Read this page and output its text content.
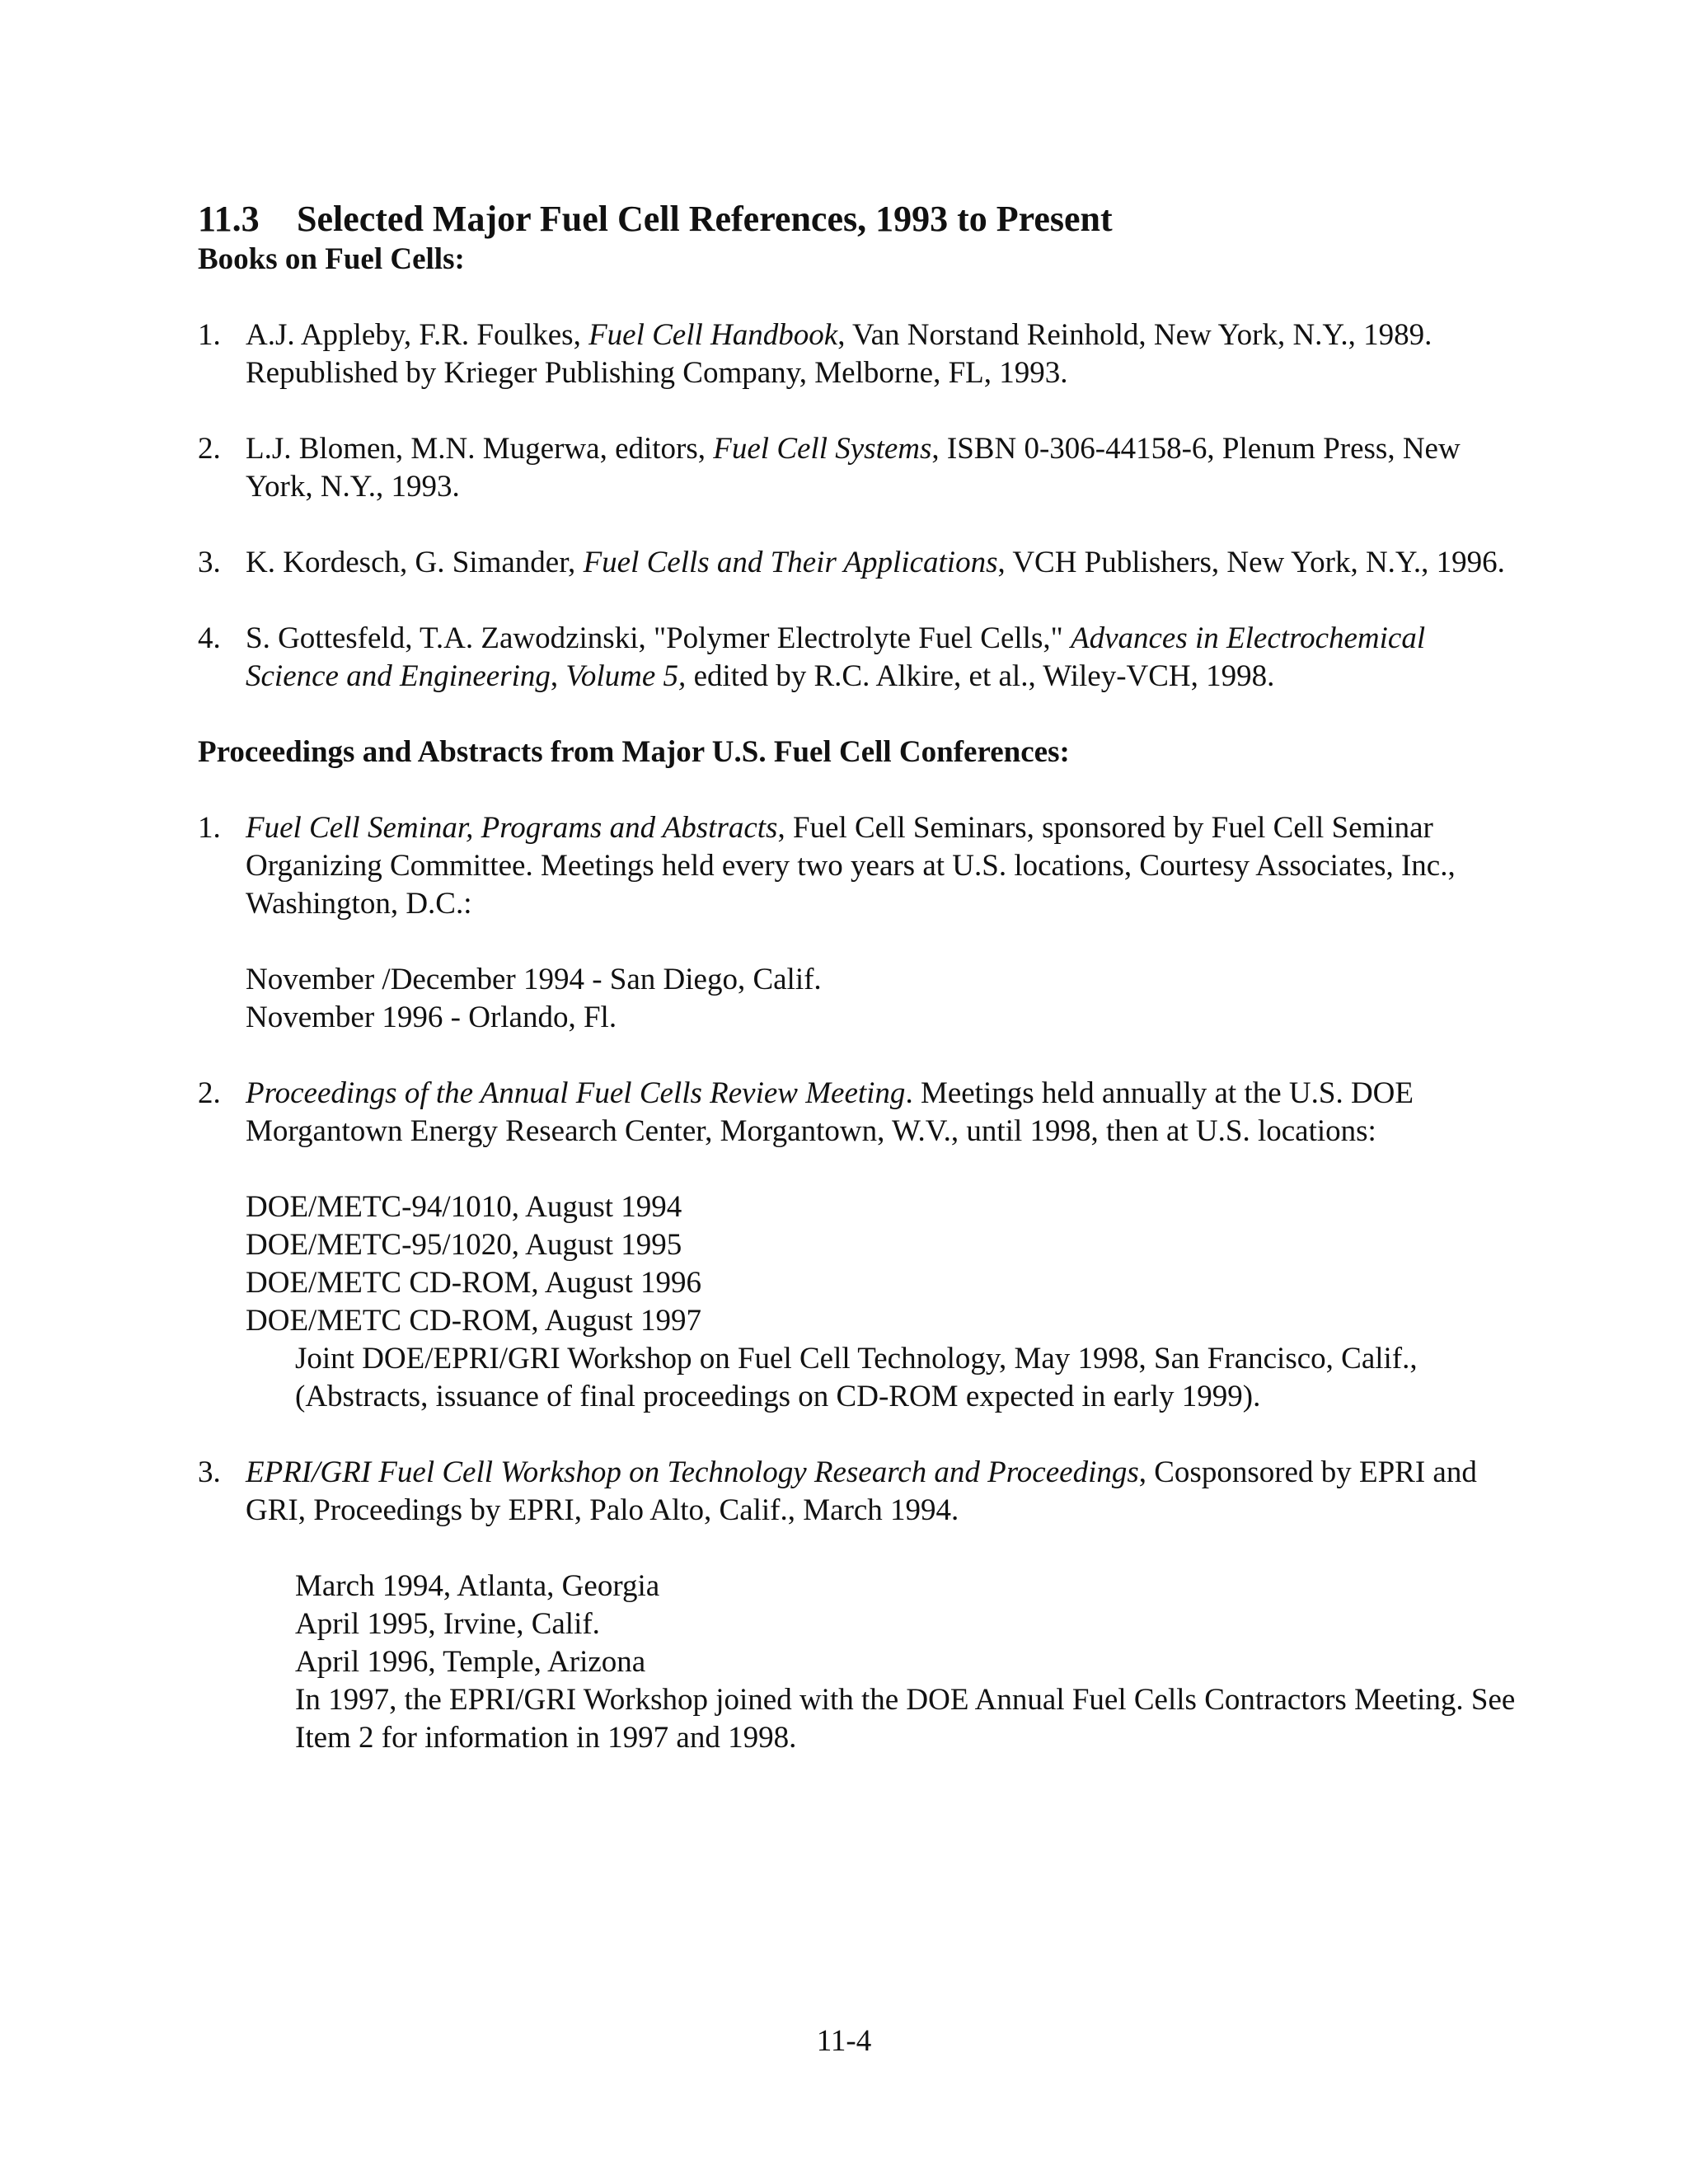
11.3 Selected Major Fuel Cell References, 1993 to Present
Books on Fuel Cells:
1. A.J. Appleby, F.R. Foulkes, Fuel Cell Handbook, Van Norstand Reinhold, New York, N.Y., 1989. Republished by Krieger Publishing Company, Melborne, FL, 1993.
2. L.J. Blomen, M.N. Mugerwa, editors, Fuel Cell Systems, ISBN 0-306-44158-6, Plenum Press, New York, N.Y., 1993.
3. K. Kordesch, G. Simander, Fuel Cells and Their Applications, VCH Publishers, New York, N.Y., 1996.
4. S. Gottesfeld, T.A. Zawodzinski, "Polymer Electrolyte Fuel Cells," Advances in Electrochemical Science and Engineering, Volume 5, edited by R.C. Alkire, et al., Wiley-VCH, 1998.
Proceedings and Abstracts from Major U.S. Fuel Cell Conferences:
1. Fuel Cell Seminar, Programs and Abstracts, Fuel Cell Seminars, sponsored by Fuel Cell Seminar Organizing Committee. Meetings held every two years at U.S. locations, Courtesy Associates, Inc., Washington, D.C.:
November /December 1994 - San Diego, Calif.
November 1996 - Orlando, Fl.
2. Proceedings of the Annual Fuel Cells Review Meeting. Meetings held annually at the U.S. DOE Morgantown Energy Research Center, Morgantown, W.V., until 1998, then at U.S. locations:
DOE/METC-94/1010, August 1994
DOE/METC-95/1020, August 1995
DOE/METC CD-ROM, August 1996
DOE/METC CD-ROM, August 1997
Joint DOE/EPRI/GRI Workshop on Fuel Cell Technology, May 1998, San Francisco, Calif., (Abstracts, issuance of final proceedings on CD-ROM expected in early 1999).
3. EPRI/GRI Fuel Cell Workshop on Technology Research and Proceedings, Cosponsored by EPRI and GRI, Proceedings by EPRI, Palo Alto, Calif., March 1994.
March 1994, Atlanta, Georgia
April 1995, Irvine, Calif.
April 1996, Temple, Arizona
In 1997, the EPRI/GRI Workshop joined with the DOE Annual Fuel Cells Contractors Meeting. See Item 2 for information in 1997 and 1998.
11-4
